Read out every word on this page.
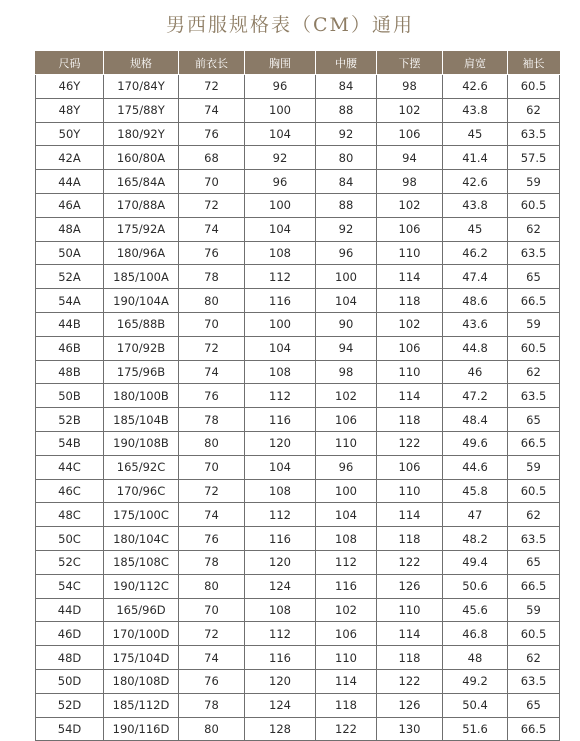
男西服规格表（CM）通用
尺码	规格	前衣长	胸围	中腰	下摆	肩宽	袖长
46Y	170/84Y	72	96	84	98	42.6	60.5
48Y	175/88Y	74	100	88	102	43.8	62
50Y	180/92Y	76	104	92	106	45	63.5
42A	160/80A	68	92	80	94	41.4	57.5
44A	165/84A	70	96	84	98	42.6	59
46A	170/88A	72	100	88	102	43.8	60.5
48A	175/92A	74	104	92	106	45	62
50A	180/96A	76	108	96	110	46.2	63.5
52A	185/100A	78	112	100	114	47.4	65
54A	190/104A	80	116	104	118	48.6	66.5
44B	165/88B	70	100	90	102	43.6	59
46B	170/92B	72	104	94	106	44.8	60.5
48B	175/96B	74	108	98	110	46	62
50B	180/100B	76	112	102	114	47.2	63.5
52B	185/104B	78	116	106	118	48.4	65
54B	190/108B	80	120	110	122	49.6	66.5
44C	165/92C	70	104	96	106	44.6	59
46C	170/96C	72	108	100	110	45.8	60.5
48C	175/100C	74	112	104	114	47	62
50C	180/104C	76	116	108	118	48.2	63.5
52C	185/108C	78	120	112	122	49.4	65
54C	190/112C	80	124	116	126	50.6	66.5
44D	165/96D	70	108	102	110	45.6	59
46D	170/100D	72	112	106	114	46.8	60.5
48D	175/104D	74	116	110	118	48	62
50D	180/108D	76	120	114	122	49.2	63.5
52D	185/112D	78	124	118	126	50.4	65
54D	190/116D	80	128	122	130	51.6	66.5
